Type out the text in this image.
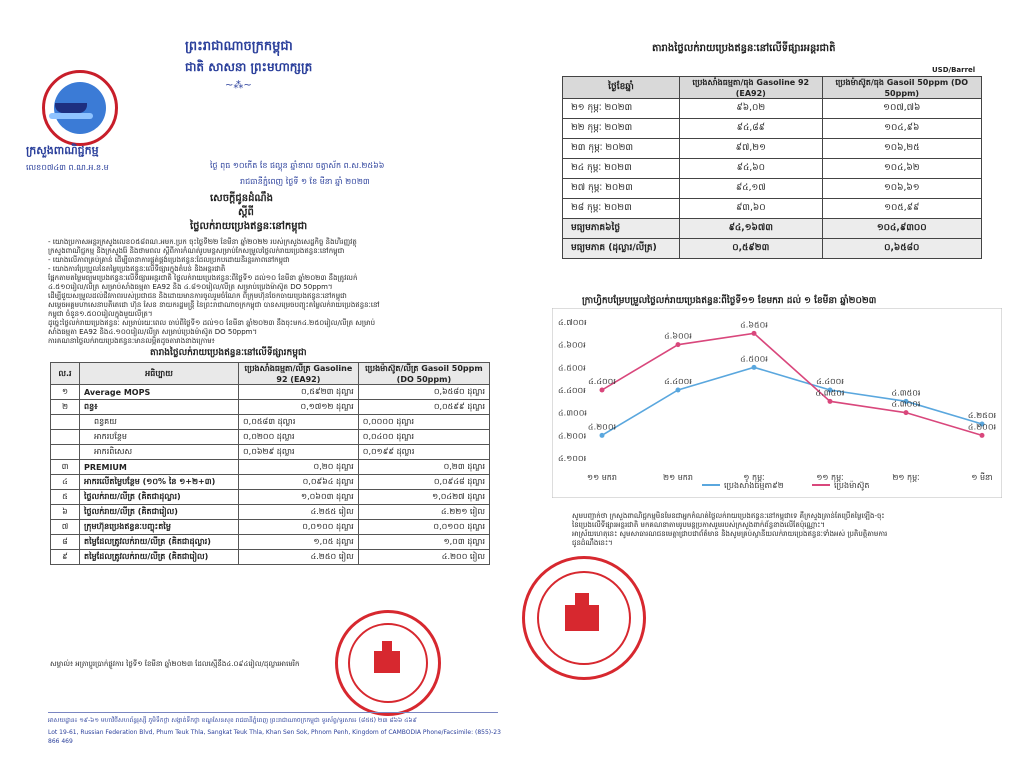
ព្រះរាជាណាចក្រកម្ពុជា
ជាតិ សាសនា ព្រះមហាក្សត្រ
~⁂~
ក្រសួងពាណិជ្ជកម្ម
លេខ០៧៤៣ ព.ណ.អ.ន.ម	ថ្ងៃ ពុធ ១០កើត ខែ ផល្គុន ឆ្នាំខាល ចត្វាស័ក ព.ស.២៥៦៦
រាជធានីភ្នំពេញ ថ្ងៃទី ១ ខែ មីនា ឆ្នាំ ២០២៣
សេចក្តីជូនដំណឹង
ស្តីពី
ថ្លៃលក់រាយប្រេងឥន្ធនៈនៅកម្ពុជា
- យោងប្រកាសអន្តរក្រសួងលេខ០៥៨ពណ.អមក.ប្រក ចុះថ្ងៃទី២២ ខែមីនា ឆ្នាំ២០២២ របស់ក្រសួងសេដ្ឋកិច្ច និងហិរញ្ញវត្ថុ
ក្រសួងពាណិជ្ជកម្ម និងក្រសួងរ៉ែ និងថាមពល ស្តីពីការកំណត់រូបមន្តសម្រាប់កែសម្រួលថ្លៃលក់រាយប្រេងឥន្ធនៈនៅកម្ពុជា
- យោងលើភាពគ្រប់គ្រាន់ ដើម្បីធានាការផ្គត់ផ្គង់ប្រេងឥន្ធនៈដែលប្រកបដោយនិរន្តរភាពនៅកម្ពុជា
- យោងការប្រែប្រួលនៃតម្លៃប្រេងឥន្ធនៈលើទីផ្សារក្នុងតំបន់ និងអន្តរជាតិ
ផ្អែកតាមតម្លៃមធ្យមប្រេងឥន្ធនៈលើទីផ្សារអន្តរជាតិ ថ្លៃលក់រាយប្រេងឥន្ធនៈពីថ្ងៃទី១ ដល់១០ ខែមីនា ឆ្នាំ២០២៣ នឹងត្រូវលក់
៤.៥១០រៀល/លីត្រ សម្រាប់សាំងធម្មតា EA92 និង ៤.៨១០រៀល/លីត្រ សម្រាប់ប្រេងម៉ាស៊ូត DO 50ppm។
ដើម្បីជួយសម្រួលដល់ជីវភាពរបស់ប្រជាជន និងដោយមានការចូលរួមចំណែក ពីក្រុមហ៊ុនចែកចាយប្រេងឥន្ធនៈនៅកម្ពុជា
សម្តេចអគ្គមហាសេនាបតីតេជោ ហ៊ុន សែន នាយករដ្ឋមន្ត្រី នៃព្រះរាជាណាចក្រកម្ពុជា បានសម្រេចបញ្ចុះតម្លៃលក់រាយប្រេងឥន្ធនៈនៅ
កម្ពុជា ចំនួន១.៥០០រៀលក្នុងមួយលីត្រ។
ដូច្នេះថ្លៃលក់រាយប្រេងឥន្ធនៈ សម្រាប់រយៈពេល ចាប់ពីថ្ងៃទី១ ដល់១០ ខែមីនា ឆ្នាំ២០២៣ នឹងចុះមក៤.២៥០រៀល/លីត្រ សម្រាប់
សាំងធម្មតា EA92 និង៤.១០០រៀល/លីត្រ សម្រាប់ប្រេងម៉ាស៊ូត DO 50ppm។
ការគណនាថ្លៃលក់រាយប្រេងឥន្ធនៈមានលម្អិតដូចតារាងខាងក្រោម៖
តារាងថ្លៃលក់រាយប្រេងឥន្ធនៈនៅលើទីផ្សារកម្ពុជា
ល.រ	អធិប្បាយ	ប្រេងសាំងធម្មតា/លីត្រ Gasoline 92 (EA92)	ប្រេងម៉ាស៊ូត/លីត្រ Gasoil 50ppm (DO 50ppm)
១	Average MOPS	០,៥៩២៣ ដុល្លារ	០,៦៥៨០ ដុល្លារ
២	ពន្ធ៖	០,១៧១២ ដុល្លារ	០,០៥៩៩ ដុល្លារ
	ពន្ធគយ	០,០៥៨៣ ដុល្លារ	០,០០០០ ដុល្លារ
	អាករបន្ថែម	០,០២០០ ដុល្លារ	០,០៤០០ ដុល្លារ
	អាករពិសេស	០,០៦២៩ ដុល្លារ	០,០១៩៩ ដុល្លារ
៣	PREMIUM	០,២០ ដុល្លារ	០,២៣ ដុល្លារ
៤	អាករលើតម្លៃបន្ថែម (១០% នៃ ១+២+៣)	០,០៩៦៤ ដុល្លារ	០,០៩៤៨ ដុល្លារ
៥	ថ្លៃលក់រាយ/លីត្រ (គិតជាដុល្លារ)	១,០៦០៣ ដុល្លារ	១,០៤២៧ ដុល្លារ
៦	ថ្លៃលក់រាយ/លីត្រ (គិតជារៀល)	៤.២៥៥ រៀល	៤.២២១ រៀល
៧	ក្រុមហ៊ុនប្រេងឥន្ធនៈបញ្ចុះតម្លៃ	០,០១០០ ដុល្លារ	០,០១០០ ដុល្លារ
៨	តម្លៃដែលត្រូវលក់រាយ/លីត្រ (គិតជាដុល្លារ)	១,០៥ ដុល្លារ	១,០៣ ដុល្លារ
៩	តម្លៃដែលត្រូវលក់រាយ/លីត្រ (គិតជារៀល)	៤.២៥០ រៀល	៤.២០០ រៀល
សម្គាល់៖ អត្រាប្តូរប្រាក់ផ្លូវការ ថ្ងៃទី១ ខែមីនា ឆ្នាំ២០២៣ ដែលស្មើនឹង៤.០៩៤រៀល/ដុល្លារអាមេរិក
អាសយដ្ឋាន៖ ១៩-៦១ មហាវិថីសហព័ន្ធរុស្សី ភូមិទឹកថ្លា សង្កាត់ទឹកថ្លា ខណ្ឌសែនសុខ រាជធានីភ្នំពេញ ព្រះរាជាណាចក្រកម្ពុជា ទូរស័ព្ទ/ទូរសារ៖ (៨៥៥) ២៣ ៨៦៦ ៤៦៩
Lot 19-61, Russian Federation Blvd, Phum Teuk Thla, Sangkat Teuk Thla, Khan Sen Sok, Phnom Penh, Kingdom of CAMBODIA Phone/Facsimile: (855)-23 866 469
តារាងថ្លៃលក់រាយប្រេងឥន្ធនៈនៅលើទីផ្សារអន្តរជាតិ
USD/Barrel
ថ្ងៃខែឆ្នាំ	ប្រេងសាំងធម្មតា/ធុង Gasoline 92 (EA92)	ប្រេងម៉ាស៊ូត/ធុង Gasoil 50ppm (DO 50ppm)
២១ កុម្ភៈ ២០២៣	៩៦,០២	១០៧,៧៦
២២ កុម្ភៈ ២០២៣	៩៤,៨៩	១០៤,៩៦
២៣ កុម្ភៈ ២០២៣	៩៧,២១	១០៦,២៥
២៤ កុម្ភៈ ២០២៣	៩៤,៦០	១០៤,៦២
២៧ កុម្ភៈ ២០២៣	៩៤,១៧	១០៦,៦១
២៨ កុម្ភៈ ២០២៣	៩៣,៦០	១០៥,៩៩
មធ្យមភាគ៦ថ្ងៃ	៩៤,១៦៧៣	១០៤,៩៣០០
មធ្យមភាគ (ដុល្លារ/លីត្រ)	០,៥៩២៣	០,៦៥៨០
ក្រាហ្វិកបម្រែបម្រួលថ្លៃលក់រាយប្រេងឥន្ធនៈពីថ្ងៃទី១១ ខែមករា ដល់ ១ ខែមីនា ឆ្នាំ២០២៣
៤.៧០០៛
៤.៦០០៛
៤.៥០០៛
៤.៤០០៛
៤.៣០០៛
៤.២០០៛
៤.១០០៛
១១ មករា	២១ មករា	១ កុម្ភៈ	១១ កុម្ភៈ	២១ កុម្ភៈ	១ មីនា
៤.២០០៛
៤.៤០០៛
៤.៥០០៛
៤.៤០០៛
៤.៣៥០៛
៤.២៥០៛
ប្រេងសាំងធម្មតា៩២
៤.៤០០៛
៤.៦០០៛
៤.៦៥០៛
៤.៣៥០៛
៤.៣០០៛
៤.២០០៛
ប្រេងម៉ាស៊ូត
សូមបញ្ជាក់ថា ក្រសួងពាណិជ្ជកម្មមិនមែនជាអ្នកកំណត់ថ្លៃលក់រាយប្រេងឥន្ធនៈនៅកម្ពុជាទេ គឺក្រសួងគ្រាន់តែប្រើតម្លៃឡើង-ចុះ
នៃប្រេងលើទីផ្សារអន្តរជាតិ មកគណនាតាមរូបមន្តប្រកាសរួមរបស់ក្រសួងពាក់ព័ន្ធខាងលើតែប៉ុណ្ណោះ។
អាស្រ័យហេតុនេះ សូមសាធារណជនមេត្តាជ្រាបជាព័ត៌មាន និងសូមគ្រប់ស្ថានីយលក់រាយប្រេងឥន្ធនៈទាំងអស់ ប្រតិបត្តិតាមការ
ជូនដំណឹងនេះ។
